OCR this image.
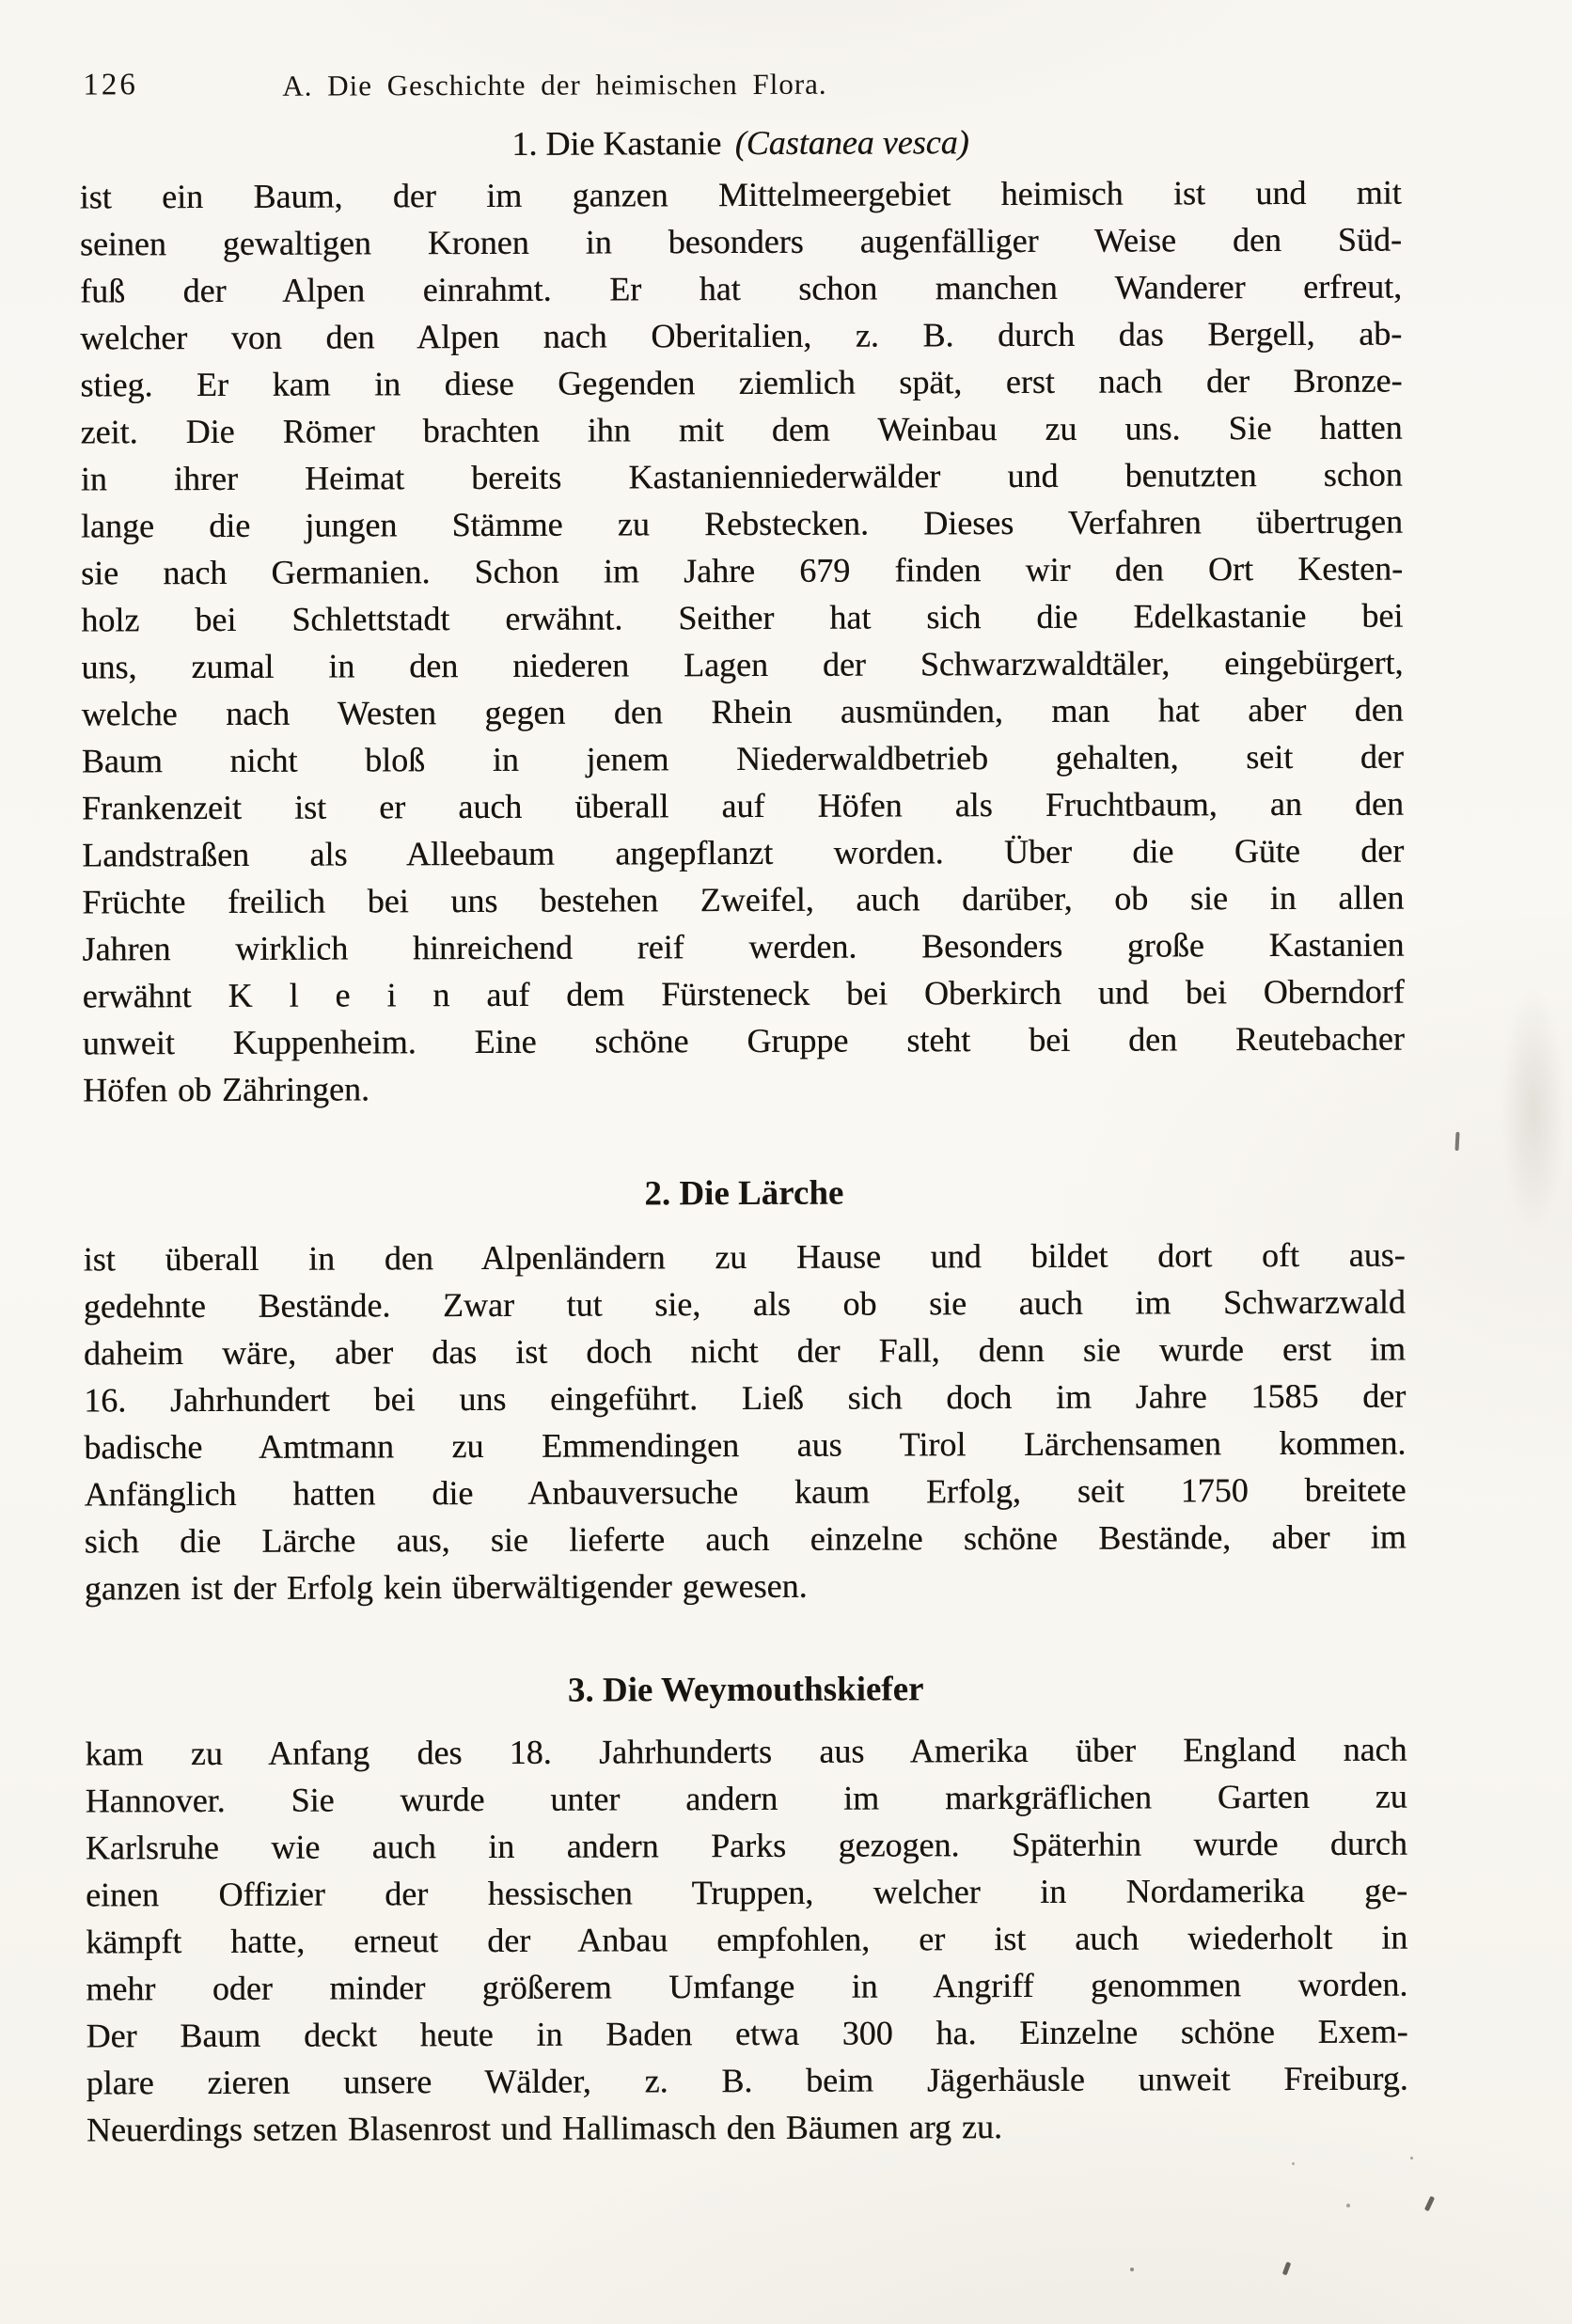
126	A. Die Geschichte der heimischen Flora.
1. Die Kastanie (Castanea vesca)
ist ein Baum, der im ganzen Mittelmeergebiet heimisch ist und mit
seinen gewaltigen Kronen in besonders augenfälliger Weise den Süd-
fuß der Alpen einrahmt. Er hat schon manchen Wanderer erfreut,
welcher von den Alpen nach Oberitalien, z. B. durch das Bergell, ab-
stieg. Er kam in diese Gegenden ziemlich spät, erst nach der Bronze-
zeit. Die Römer brachten ihn mit dem Weinbau zu uns. Sie hatten
in ihrer Heimat bereits Kastanienniederwälder und benutzten schon
lange die jungen Stämme zu Rebstecken. Dieses Verfahren übertrugen
sie nach Germanien. Schon im Jahre 679 finden wir den Ort Kesten-
holz bei Schlettstadt erwähnt. Seither hat sich die Edelkastanie bei
uns, zumal in den niederen Lagen der Schwarzwaldtäler, eingebürgert,
welche nach Westen gegen den Rhein ausmünden, man hat aber den
Baum nicht bloß in jenem Niederwaldbetrieb gehalten, seit der
Frankenzeit ist er auch überall auf Höfen als Fruchtbaum, an den
Landstraßen als Alleebaum angepflanzt worden. Über die Güte der
Früchte freilich bei uns bestehen Zweifel, auch darüber, ob sie in allen
Jahren wirklich hinreichend reif werden. Besonders große Kastanien
erwähnt K l e i n auf dem Fürsteneck bei Oberkirch und bei Oberndorf
unweit Kuppenheim. Eine schöne Gruppe steht bei den Reutebacher
Höfen ob Zähringen.
2. Die Lärche
ist überall in den Alpenländern zu Hause und bildet dort oft aus-
gedehnte Bestände. Zwar tut sie, als ob sie auch im Schwarzwald
daheim wäre, aber das ist doch nicht der Fall, denn sie wurde erst im
16. Jahrhundert bei uns eingeführt. Ließ sich doch im Jahre 1585 der
badische Amtmann zu Emmendingen aus Tirol Lärchensamen kommen.
Anfänglich hatten die Anbauversuche kaum Erfolg, seit 1750 breitete
sich die Lärche aus, sie lieferte auch einzelne schöne Bestände, aber im
ganzen ist der Erfolg kein überwältigender gewesen.
3. Die Weymouthskiefer
kam zu Anfang des 18. Jahrhunderts aus Amerika über England nach
Hannover. Sie wurde unter andern im markgräflichen Garten zu
Karlsruhe wie auch in andern Parks gezogen. Späterhin wurde durch
einen Offizier der hessischen Truppen, welcher in Nordamerika ge-
kämpft hatte, erneut der Anbau empfohlen, er ist auch wiederholt in
mehr oder minder größerem Umfange in Angriff genommen worden.
Der Baum deckt heute in Baden etwa 300 ha. Einzelne schöne Exem-
plare zieren unsere Wälder, z. B. beim Jägerhäusle unweit Freiburg.
Neuerdings setzen Blasenrost und Hallimasch den Bäumen arg zu.
